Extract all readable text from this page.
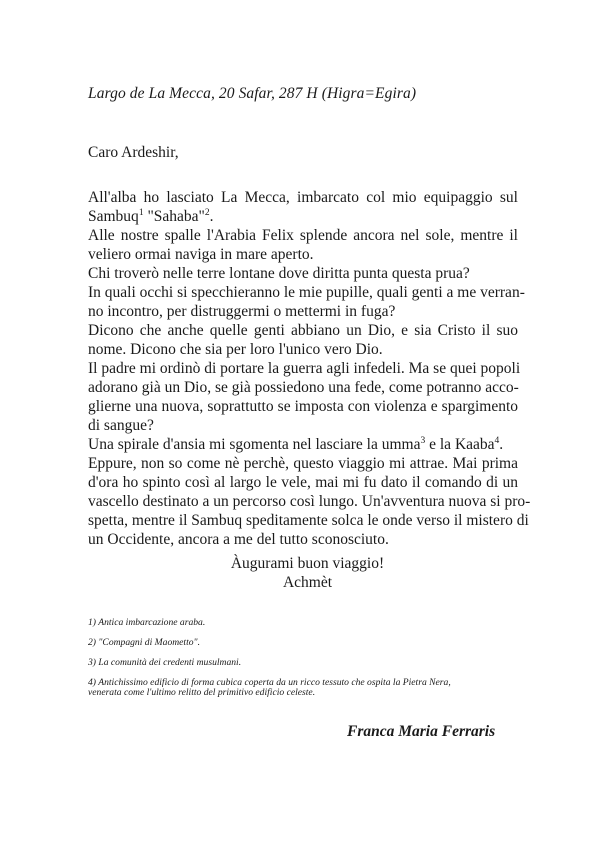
Largo de La Mecca, 20 Safar, 287 H (Higra=Egira)
Caro Ardeshir,
All'alba ho lasciato La Mecca, imbarcato col mio equipaggio sul
Sambuq$^1$ "Sahaba"$^2$.
Alle nostre spalle l'Arabia Felix splende ancora nel sole, mentre il
veliero ormai naviga in mare aperto.
Chi troverò nelle terre lontane dove diritta punta questa prua?
In quali occhi si specchieranno le mie pupille, quali genti a me verran-
no incontro, per distruggermi o mettermi in fuga?
Dicono che anche quelle genti abbiano un Dio, e sia Cristo il suo
nome. Dicono che sia per loro l'unico vero Dio.
Il padre mi ordinò di portare la guerra agli infedeli. Ma se quei popoli
adorano già un Dio, se già possiedono una fede, come potranno acco-
glierne una nuova, soprattutto se imposta con violenza e spargimento
di sangue?
Una spirale d'ansia mi sgomenta nel lasciare la umma$^3$ e la Kaaba$^4$.
Eppure, non so come nè perchè, questo viaggio mi attrae. Mai prima
d'ora ho spinto così al largo le vele, mai mi fu dato il comando di un
vascello destinato a un percorso così lungo. Un'avventura nuova si pro-
spetta, mentre il Sambuq speditamente solca le onde verso il mistero di
un Occidente, ancora a me del tutto sconosciuto.
Àugurami buon viaggio!
Achmèt
1) Antica imbarcazione araba.
2) "Compagni di Maometto".
3) La comunità dei credenti musulmani.
4) Antichissimo edificio di forma cubica coperta da un ricco tessuto che ospita la Pietra Nera,
venerata come l'ultimo relitto del primitivo edificio celeste.
Franca Maria Ferraris
